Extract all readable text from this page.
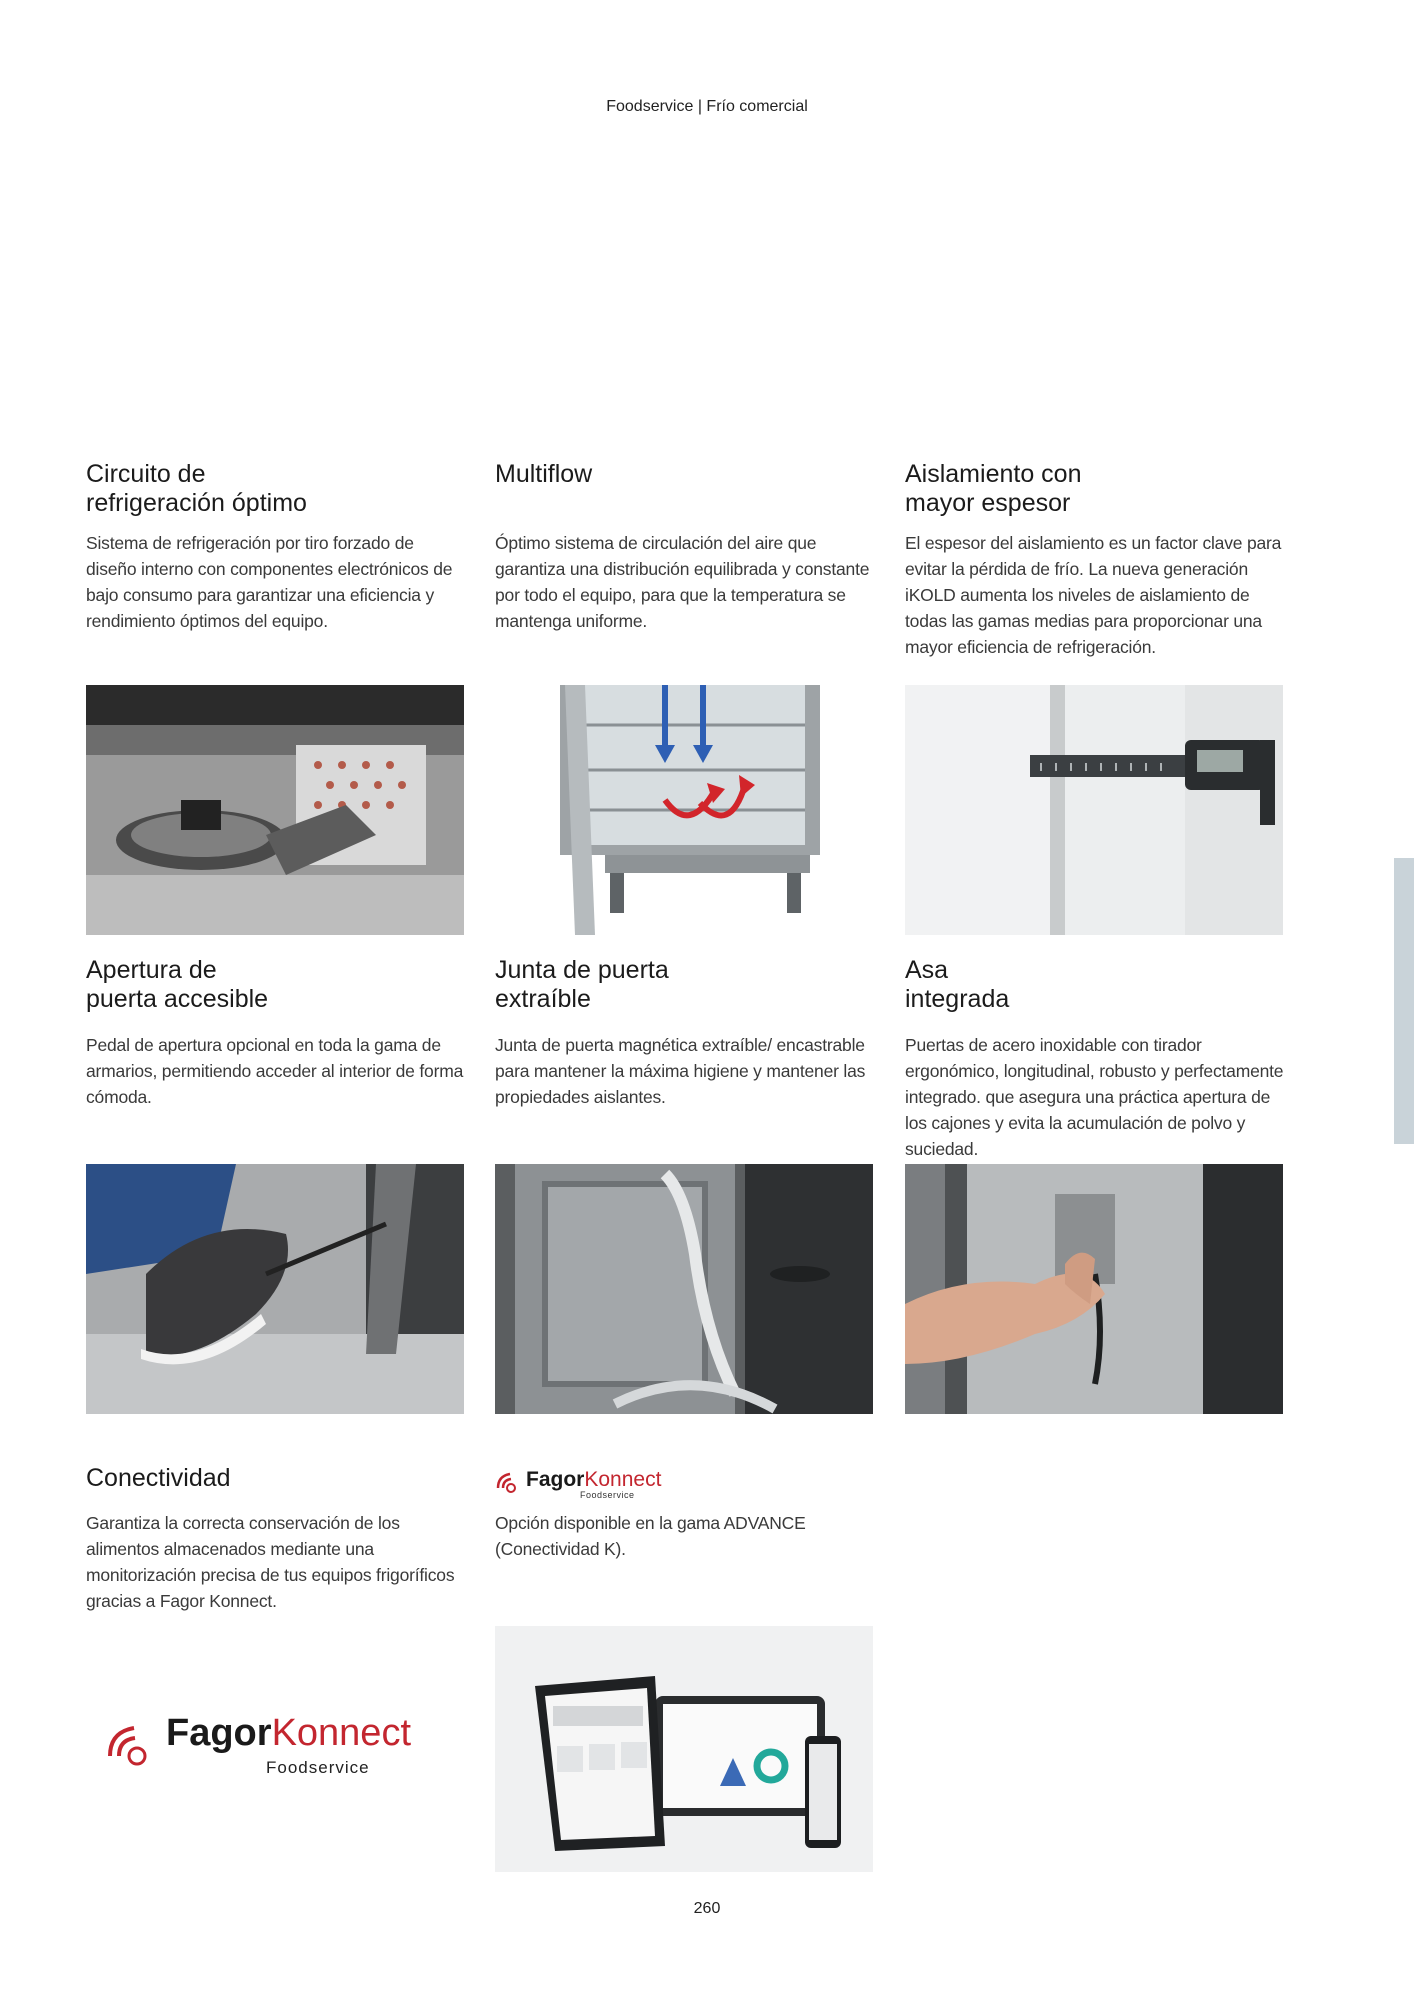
Foodservice | Frío comercial
Circuito de
refrigeración óptimo

Sistema de refrigeración por tiro forzado de diseño interno con componentes electrónicos de bajo consumo para garantizar una eficiencia y rendimiento óptimos del equipo.

Multiflow

Óptimo sistema de circulación del aire que garantiza una distribución equilibrada y constante por todo el equipo, para que la temperatura se mantenga uniforme.

Aislamiento con
mayor espesor

El espesor del aislamiento es un factor clave para evitar la pérdida de frío. La nueva generación iKOLD aumenta los niveles de aislamiento de todas las gamas medias para proporcionar una mayor eficiencia de refrigeración.

Apertura de
puerta accesible

Pedal de apertura opcional en toda la gama de armarios, permitiendo acceder al interior de forma cómoda.

Junta de puerta
extraíble

Junta de puerta magnética extraíble/ encastrable para mantener la máxima higiene y mantener las propiedades aislantes.

Asa
integrada

Puertas de acero inoxidable con tirador ergonómico, longitudinal, robusto y perfectamente integrado. que asegura una práctica apertura de los cajones y evita la acumulación de polvo y suciedad.

Conectividad

Garantiza la correcta conservación de los alimentos almacenados mediante una monitorización precisa de tus equipos frigoríficos gracias a Fagor Konnect.

FagorKonnect
Foodservice

Opción disponible en la gama ADVANCE (Conectividad K).

FagorKonnect
Foodservice
260
